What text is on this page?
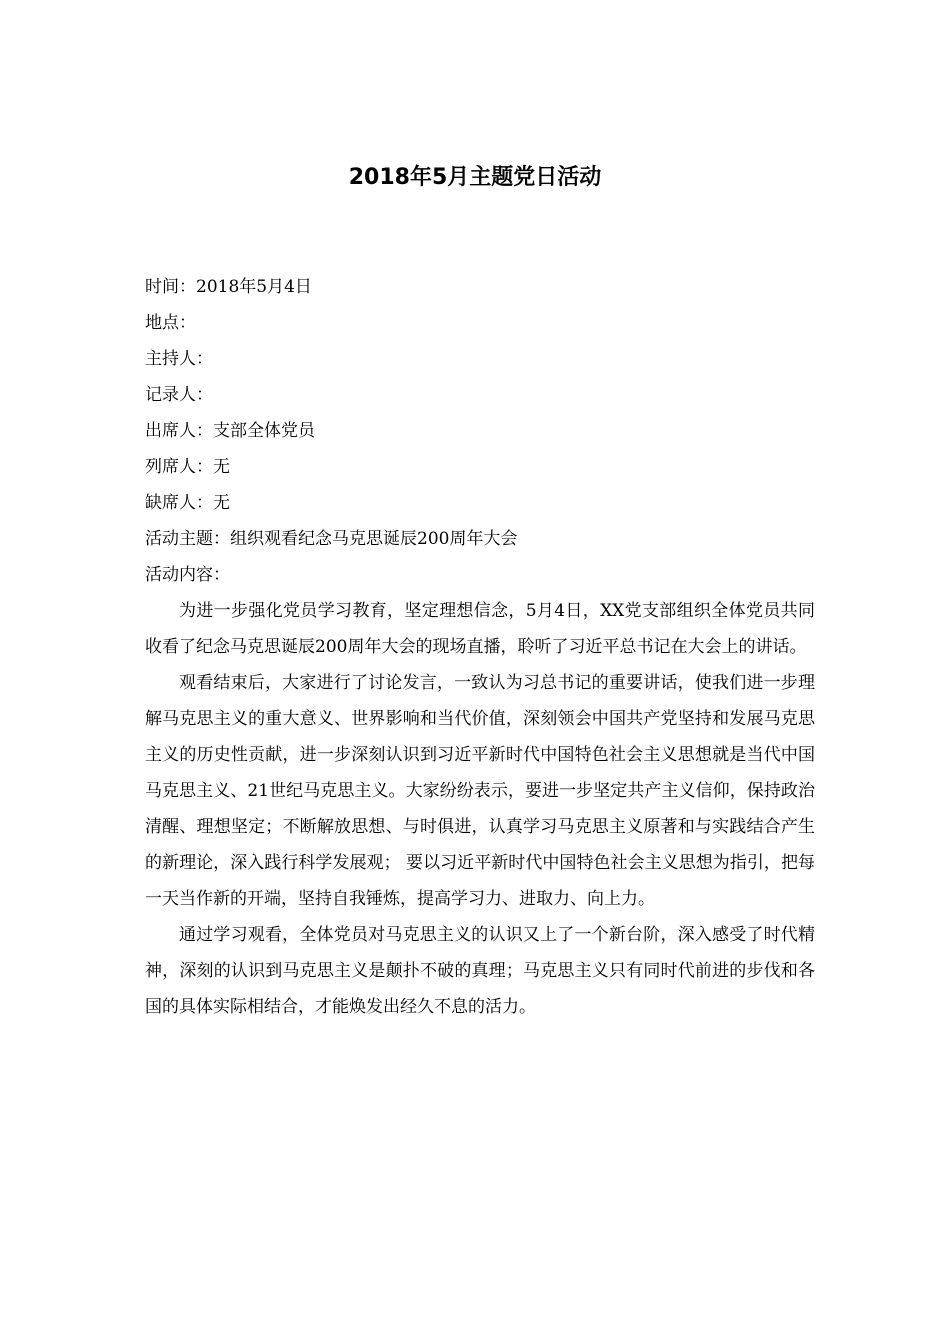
2018年5月主题党日活动
时间：2018年5月4日
地点：
主持人：
记录人：
出席人：支部全体党员
列席人：无
缺席人：无
活动主题：组织观看纪念马克思诞辰200周年大会
活动内容：

为进一步强化党员学习教育，坚定理想信念，5月4日，XX党支部组织全体党员共同收看了纪念马克思诞辰200周年大会的现场直播，聆听了习近平总书记在大会上的讲话。

观看结束后，大家进行了讨论发言，一致认为习总书记的重要讲话，使我们进一步理解马克思主义的重大意义、世界影响和当代价值，深刻领会中国共产党坚持和发展马克思主义的历史性贡献，进一步深刻认识到习近平新时代中国特色社会主义思想就是当代中国马克思主义、21世纪马克思主义。大家纷纷表示，要进一步坚定共产主义信仰，保持政治清醒、理想坚定；不断解放思想、与时俱进，认真学习马克思主义原著和与实践结合产生的新理论，深入践行科学发展观； 要以习近平新时代中国特色社会主义思想为指引，把每一天当作新的开端，坚持自我锤炼，提高学习力、进取力、向上力。

通过学习观看，全体党员对马克思主义的认识又上了一个新台阶，深入感受了时代精神，深刻的认识到马克思主义是颠扑不破的真理；马克思主义只有同时代前进的步伐和各国的具体实际相结合，才能焕发出经久不息的活力。
